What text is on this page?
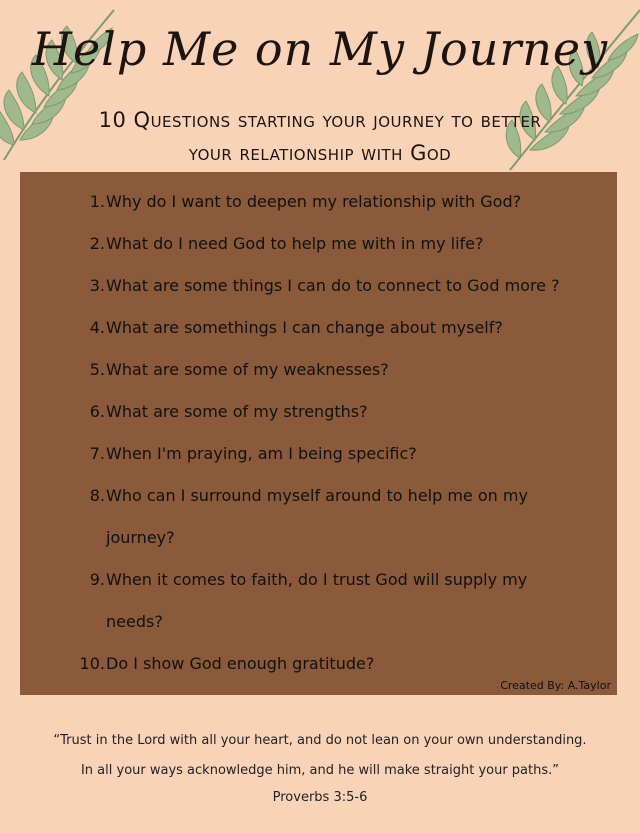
Help Me on My Journey
10 Questions starting your journey to better
your relationship with God
1. Why do I want to deepen my relationship with God?
2. What do I need God to help me with in my life?
3. What are some things I can do to connect to God more ?
4. What are somethings I can change about myself?
5. What are some of my weaknesses?
6. What are some of my strengths?
7. When I'm praying, am I being specific?
8. Who can I surround myself around to help me on my journey?
9. When it comes to faith, do I trust God will supply my needs?
10. Do I show God enough gratitude?
Created By: A.Taylor
“Trust in the Lord with all your heart, and do not lean on your own understanding.
In all your ways acknowledge him, and he will make straight your paths.”
Proverbs 3:5-6
